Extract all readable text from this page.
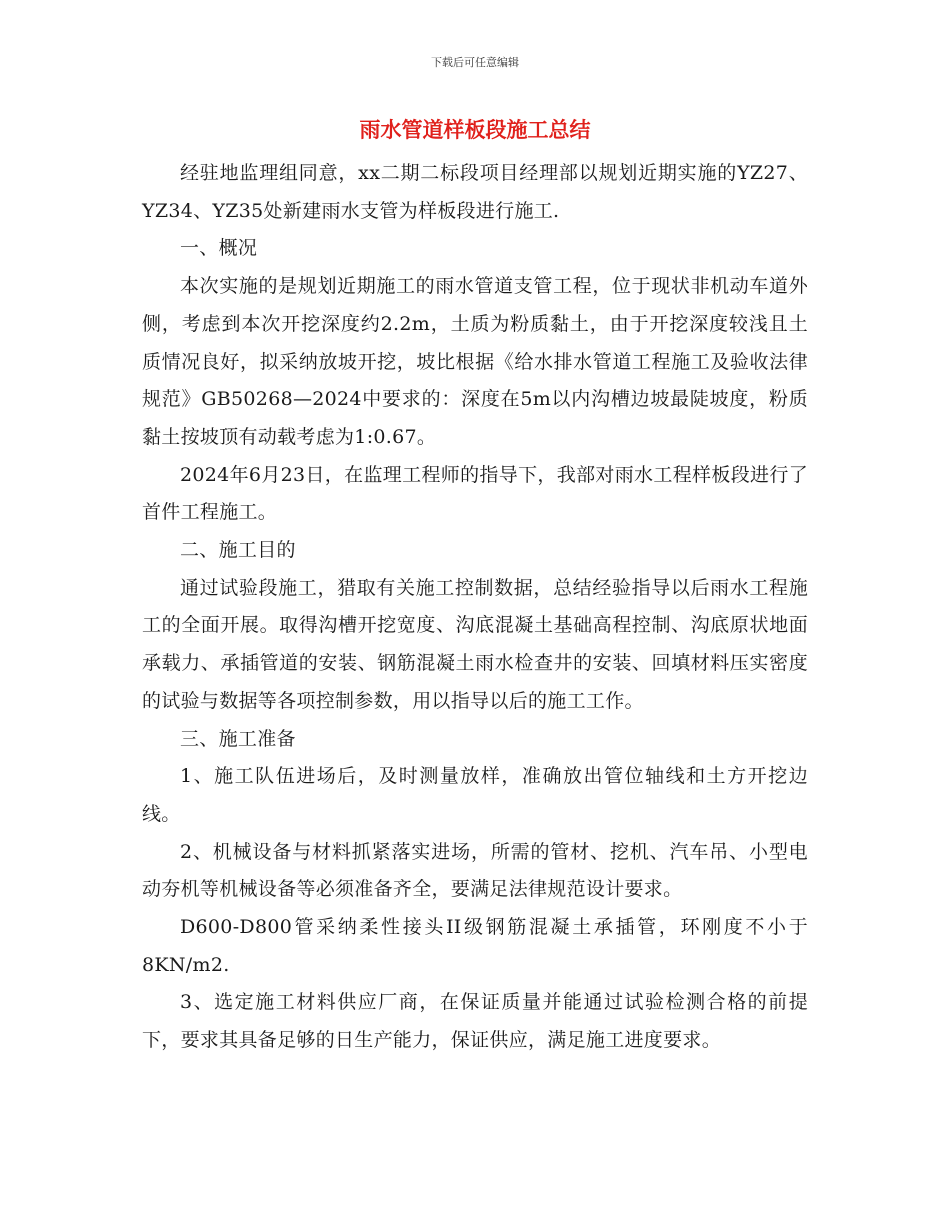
下载后可任意编辑
雨水管道样板段施工总结

经驻地监理组同意，xx二期二标段项目经理部以规划近期实施的YZ27、YZ34、YZ35处新建雨水支管为样板段进行施工.

一、概况

本次实施的是规划近期施工的雨水管道支管工程，位于现状非机动车道外侧，考虑到本次开挖深度约2.2m，土质为粉质黏土，由于开挖深度较浅且土质情况良好，拟采纳放坡开挖，坡比根据《给水排水管道工程施工及验收法律规范》GB50268—2024中要求的：深度在5m以内沟槽边坡最陡坡度，粉质黏土按坡顶有动载考虑为1:0.67。

2024年6月23日，在监理工程师的指导下，我部对雨水工程样板段进行了首件工程施工。

二、施工目的

通过试验段施工，猎取有关施工控制数据，总结经验指导以后雨水工程施工的全面开展。取得沟槽开挖宽度、沟底混凝土基础高程控制、沟底原状地面承载力、承插管道的安装、钢筋混凝土雨水检查井的安装、回填材料压实密度的试验与数据等各项控制参数，用以指导以后的施工工作。

三、施工准备

1、施工队伍进场后，及时测量放样，准确放出管位轴线和土方开挖边线。

2、机械设备与材料抓紧落实进场，所需的管材、挖机、汽车吊、小型电动夯机等机械设备等必须准备齐全，要满足法律规范设计要求。

D600-D800管采纳柔性接头II级钢筋混凝土承插管，环刚度不小于8KN/m2.

3、选定施工材料供应厂商，在保证质量并能通过试验检测合格的前提下，要求其具备足够的日生产能力，保证供应，满足施工进度要求。
